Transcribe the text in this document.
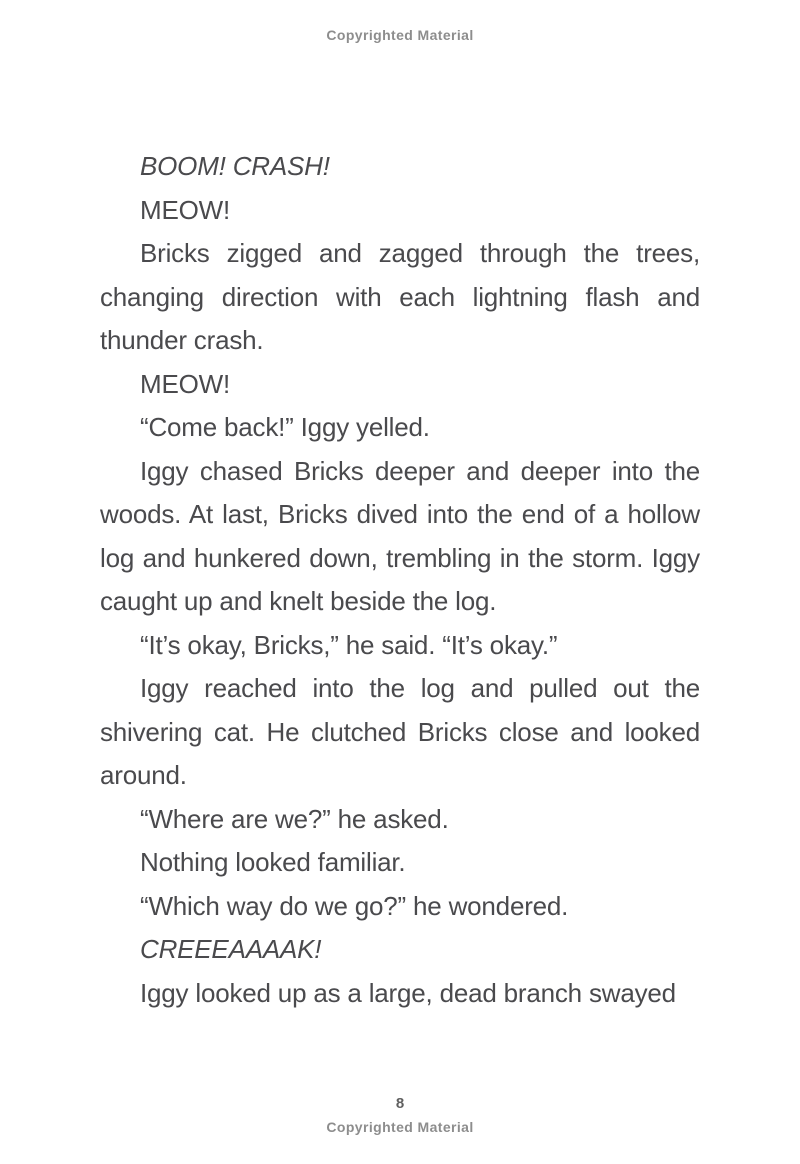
Copyrighted Material

BOOM! CRASH!

MEOW!

Bricks zigged and zagged through the trees, changing direction with each lightning flash and thunder crash.

MEOW!

“Come back!” Iggy yelled.

Iggy chased Bricks deeper and deeper into the woods. At last, Bricks dived into the end of a hollow log and hunkered down, trembling in the storm. Iggy caught up and knelt beside the log.

“It’s okay, Bricks,” he said. “It’s okay.”

Iggy reached into the log and pulled out the shivering cat. He clutched Bricks close and looked around.

“Where are we?” he asked.

Nothing looked familiar.

“Which way do we go?” he wondered.

CREEEAAAAK!

Iggy looked up as a large, dead branch swayed

8
Copyrighted Material
